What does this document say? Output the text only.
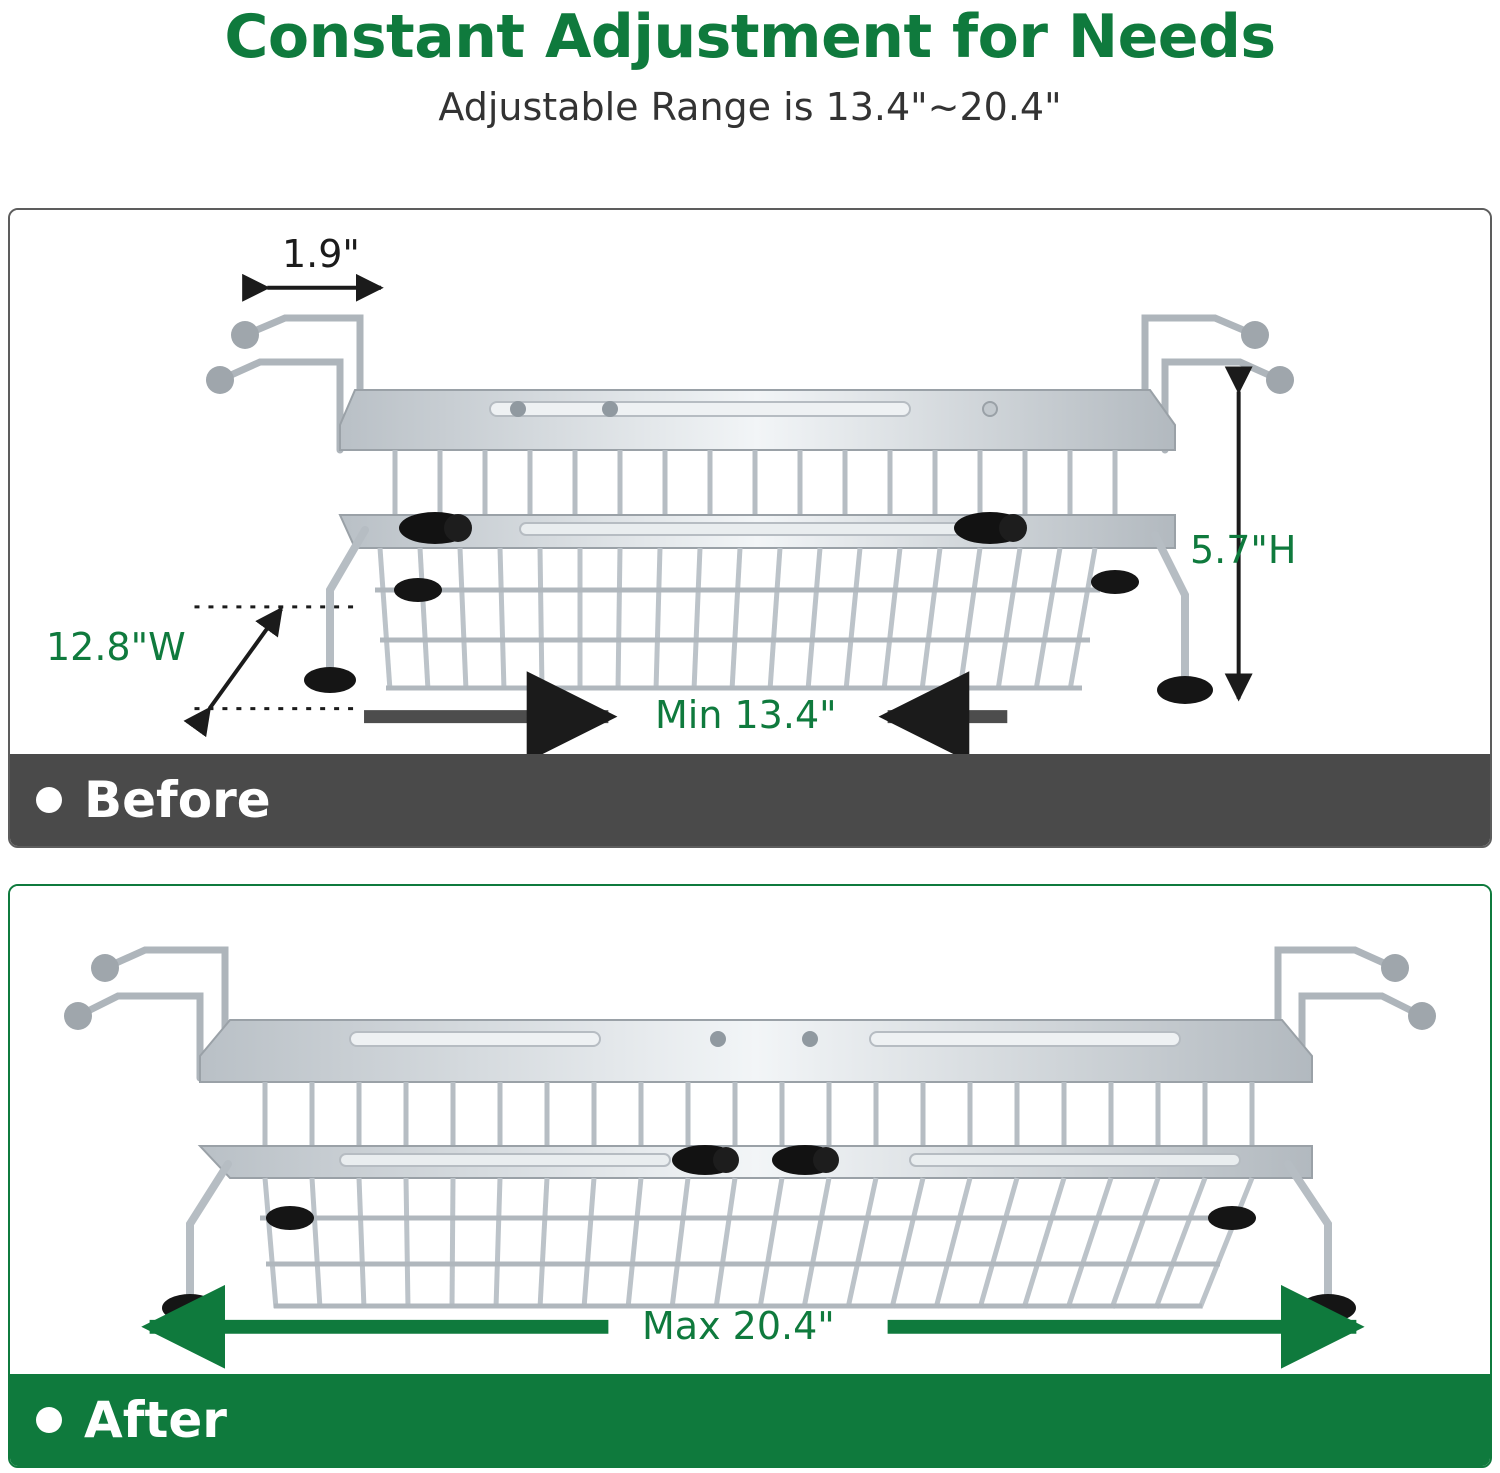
Constant Adjustment for Needs
Adjustable Range is 13.4"~20.4"
1.9"
5.7"H
12.8"W
Min 13.4"
Before
Max 20.4"
After
